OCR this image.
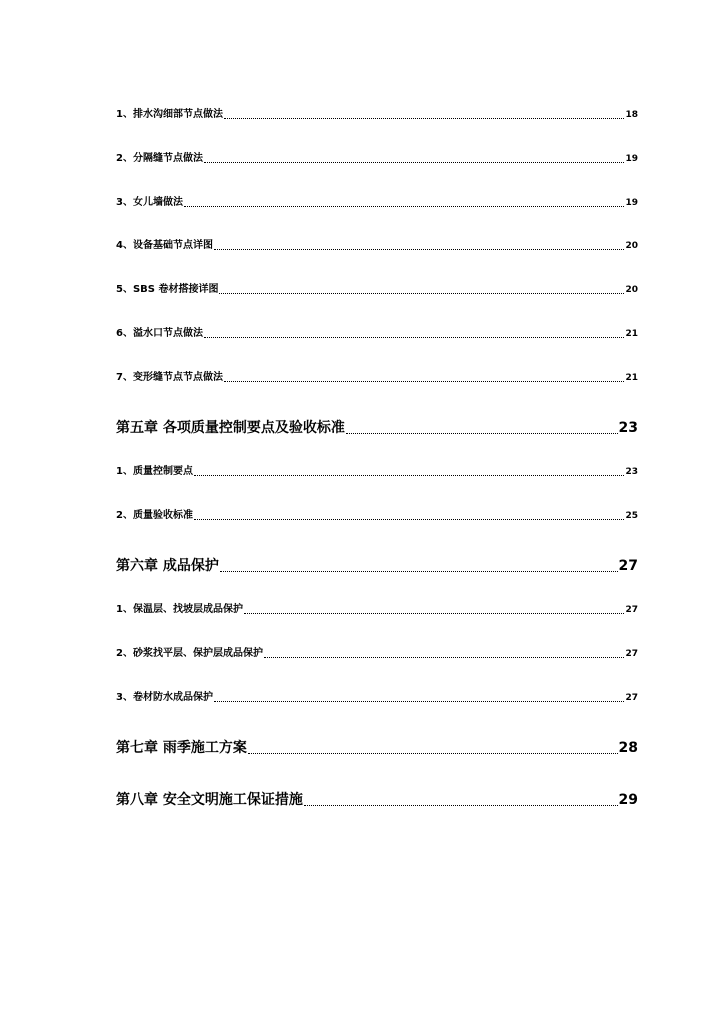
1、排水沟细部节点做法	18
2、分隔缝节点做法	19
3、女儿墙做法	19
4、设备基础节点详图	20
5、SBS 卷材搭接详图	20
6、溢水口节点做法	21
7、变形缝节点节点做法	21
第五章 各项质量控制要点及验收标准	23
1、质量控制要点	23
2、质量验收标准	25
第六章 成品保护	27
1、保温层、找坡层成品保护	27
2、砂浆找平层、保护层成品保护	27
3、卷材防水成品保护	27
第七章 雨季施工方案	28
第八章 安全文明施工保证措施	29
